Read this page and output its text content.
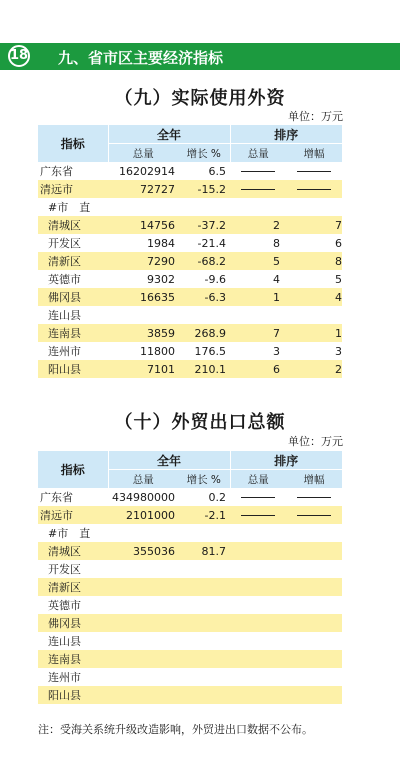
18 九、省市区主要经济指标
（九）实际使用外资
单位：万元
指标	全年		排序	
	总量	增长 %	总量	增幅
广东省	16202914	6.5		
清远市	72727	-15.2		
#市　直				
清城区	14756	-37.2	2	7
开发区	1984	-21.4	8	6
清新区	7290	-68.2	5	8
英德市	9302	-9.6	4	5
佛冈县	16635	-6.3	1	4
连山县				
连南县	3859	268.9	7	1
连州市	11800	176.5	3	3
阳山县	7101	210.1	6	2
（十）外贸出口总额
单位：万元
指标	全年		排序	
	总量	增长 %	总量	增幅
广东省	434980000	0.2		
清远市	2101000	-2.1		
#市　直				
清城区	355036	81.7		
开发区				
清新区				
英德市				
佛冈县				
连山县				
连南县				
连州市				
阳山县				
注：受海关系统升级改造影响，外贸进出口数据不公布。
